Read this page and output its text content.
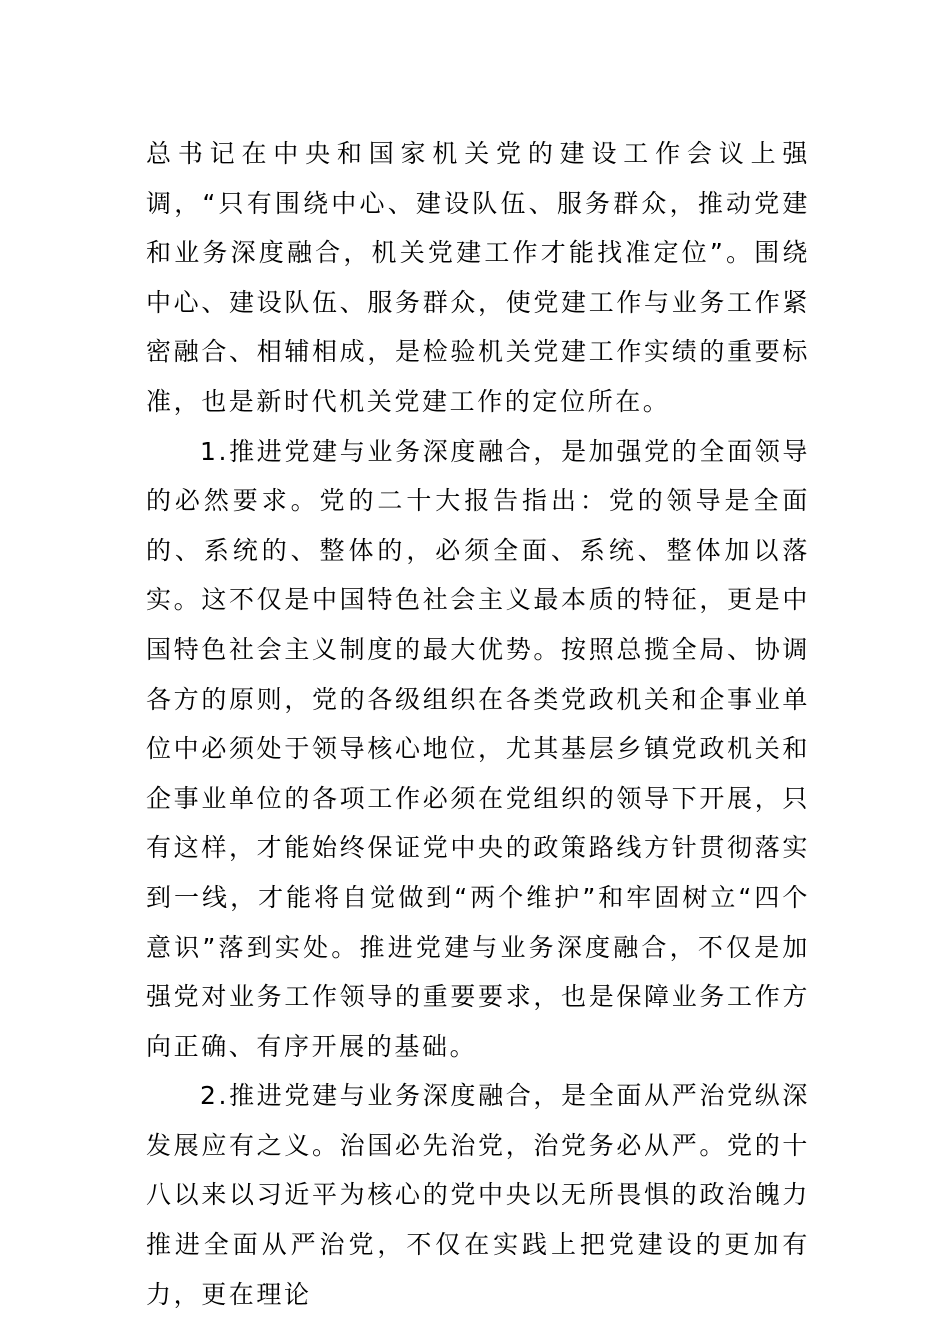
总书记在中央和国家机关党的建设工作会议上强调，“只有围绕中心、建设队伍、服务群众，推动党建和业务深度融合，机关党建工作才能找准定位”。围绕中心、建设队伍、服务群众，使党建工作与业务工作紧密融合、相辅相成，是检验机关党建工作实绩的重要标准，也是新时代机关党建工作的定位所在。

1.推进党建与业务深度融合，是加强党的全面领导的必然要求。党的二十大报告指出：党的领导是全面的、系统的、整体的，必须全面、系统、整体加以落实。这不仅是中国特色社会主义最本质的特征，更是中国特色社会主义制度的最大优势。按照总揽全局、协调各方的原则，党的各级组织在各类党政机关和企事业单位中必须处于领导核心地位，尤其基层乡镇党政机关和企事业单位的各项工作必须在党组织的领导下开展，只有这样，才能始终保证党中央的政策路线方针贯彻落实到一线，才能将自觉做到“两个维护”和牢固树立“四个意识”落到实处。推进党建与业务深度融合，不仅是加强党对业务工作领导的重要要求，也是保障业务工作方向正确、有序开展的基础。

2.推进党建与业务深度融合，是全面从严治党纵深发展应有之义。治国必先治党，治党务必从严。党的十八以来以习近平为核心的党中央以无所畏惧的政治魄力推进全面从严治党，不仅在实践上把党建设的更加有力，更在理论
